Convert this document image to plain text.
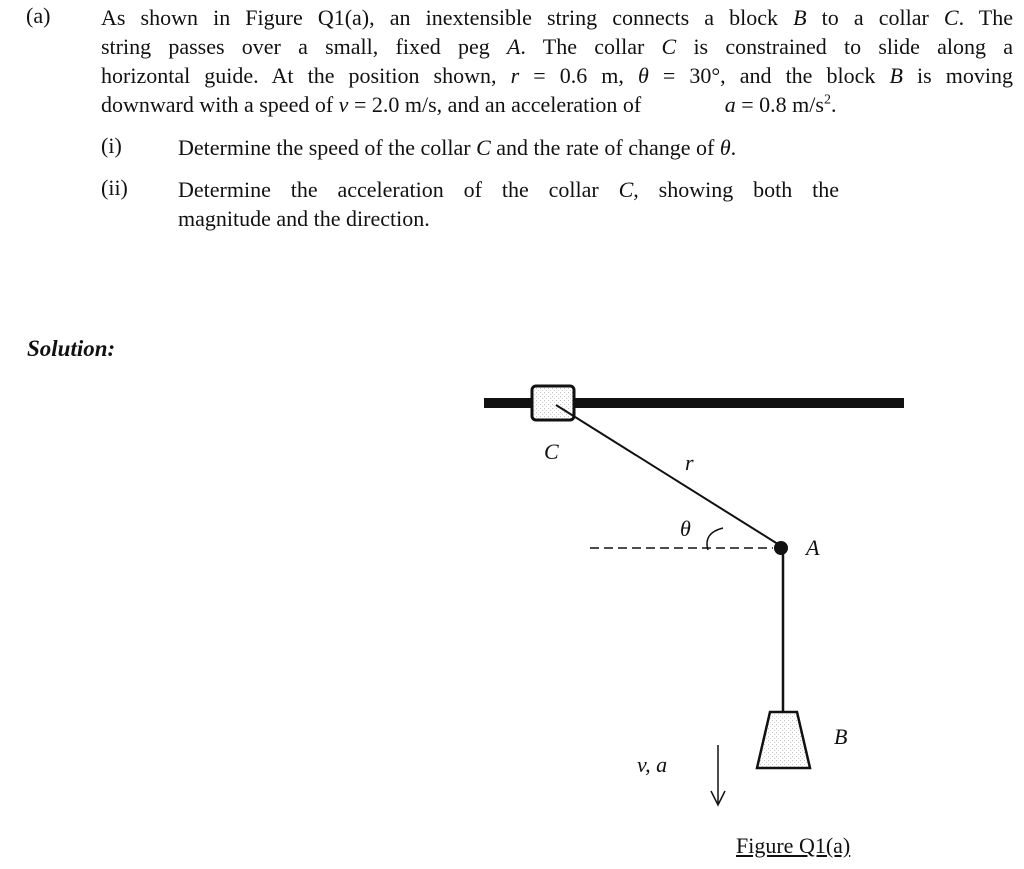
(a) As shown in Figure Q1(a), an inextensible string connects a block B to a collar C. The
string passes over a small, fixed peg A. The collar C is constrained to slide along a
horizontal guide. At the position shown, r = 0.6 m, θ = 30°, and the block B is moving
downward with a speed of v = 2.0 m/s, and an acceleration of	a = 0.8 $m/s^2$.
(i)	Determine the speed of the collar C and the rate of change of θ.
(ii) Determine the acceleration of the collar C, showing both the
magnitude and the direction.
Solution:
C	r
θ
A
B
v, a
Figure Q1(a)
